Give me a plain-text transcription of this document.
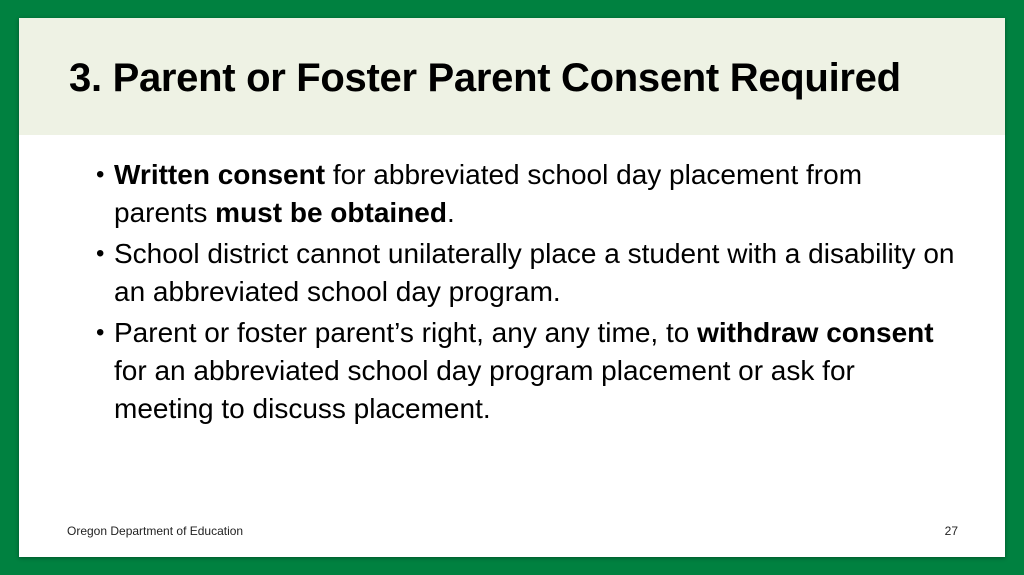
3. Parent or Foster Parent Consent Required
• Written consent for abbreviated school day placement from parents must be obtained.
• School district cannot unilaterally place a student with a disability on an abbreviated school day program.
• Parent or foster parent’s right, any any time, to withdraw consent for an abbreviated school day program placement or ask for meeting to discuss placement.
Oregon Department of Education	27
